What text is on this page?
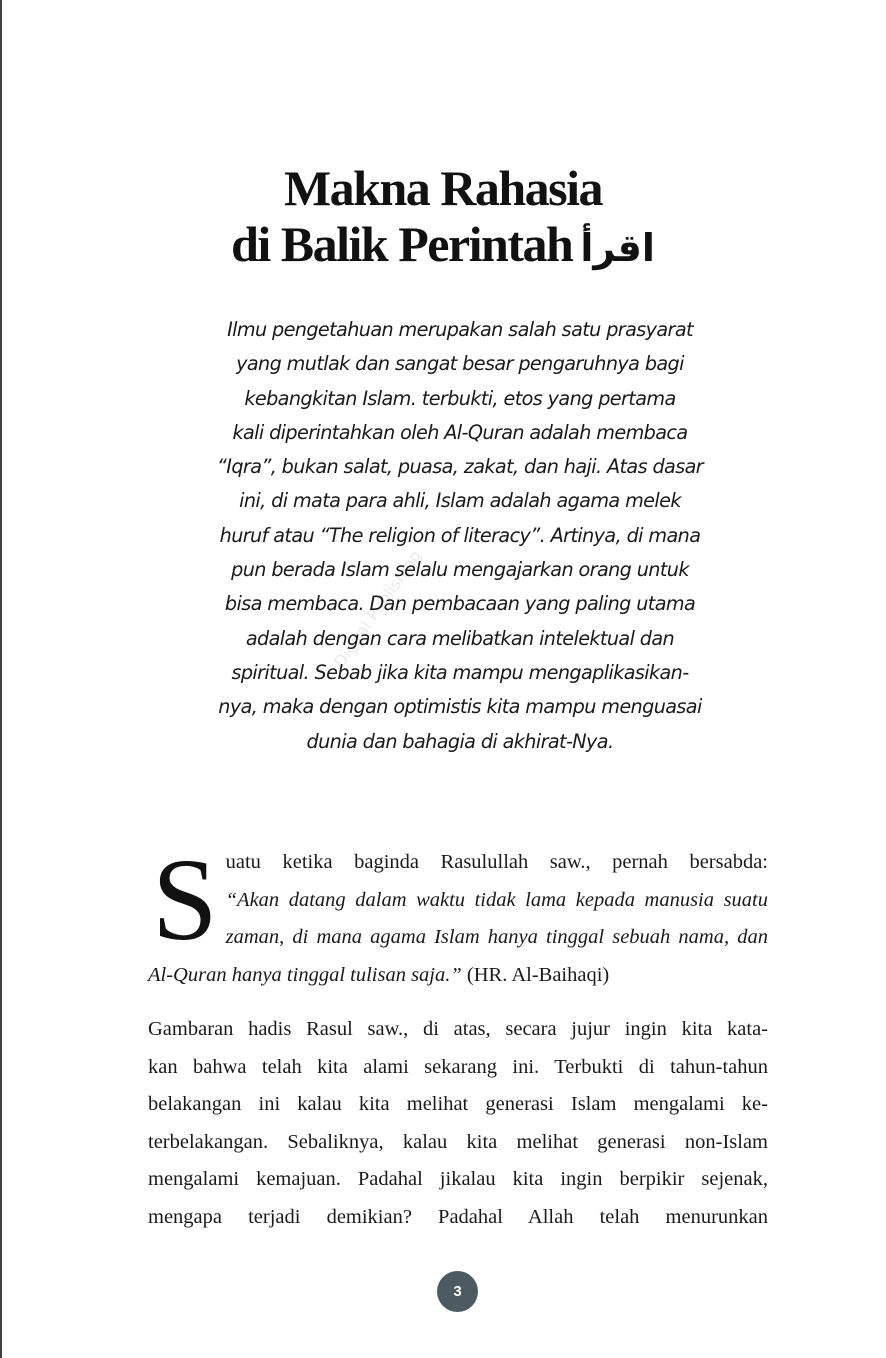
Makna Rahasia
di Balik Perintah اقرأ
Ilmu pengetahuan merupakan salah satu prasyarat
yang mutlak dan sangat besar pengaruhnya bagi
kebangkitan Islam. terbukti, etos yang pertama
kali diperintahkan oleh Al-Quran adalah membaca
“Iqra”, bukan salat, puasa, zakat, dan haji. Atas dasar
ini, di mata para ahli, Islam adalah agama melek
huruf atau “The religion of literacy”. Artinya, di mana
pun berada Islam selalu mengajarkan orang untuk
bisa membaca. Dan pembacaan yang paling utama
adalah dengan cara melibatkan intelektual dan
spiritual. Sebab jika kita mampu mengaplikasikan-
nya, maka dengan optimistis kita mampu menguasai
dunia dan bahagia di akhirat-Nya.
Digital Publishing
S uatu ketika baginda Rasulullah saw., pernah bersabda:
“Akan datang dalam waktu tidak lama kepada manusia suatu
zaman, di mana agama Islam hanya tinggal sebuah nama, dan
Al-Quran hanya tinggal tulisan saja.” (HR. Al-Baihaqi)
Gambaran hadis Rasul saw., di atas, secara jujur ingin kita kata-
kan bahwa telah kita alami sekarang ini. Terbukti di tahun-tahun
belakangan ini kalau kita melihat generasi Islam mengalami ke-
terbelakangan. Sebaliknya, kalau kita melihat generasi non-Islam
mengalami kemajuan. Padahal jikalau kita ingin berpikir sejenak,
mengapa terjadi demikian? Padahal Allah telah menurunkan
3
